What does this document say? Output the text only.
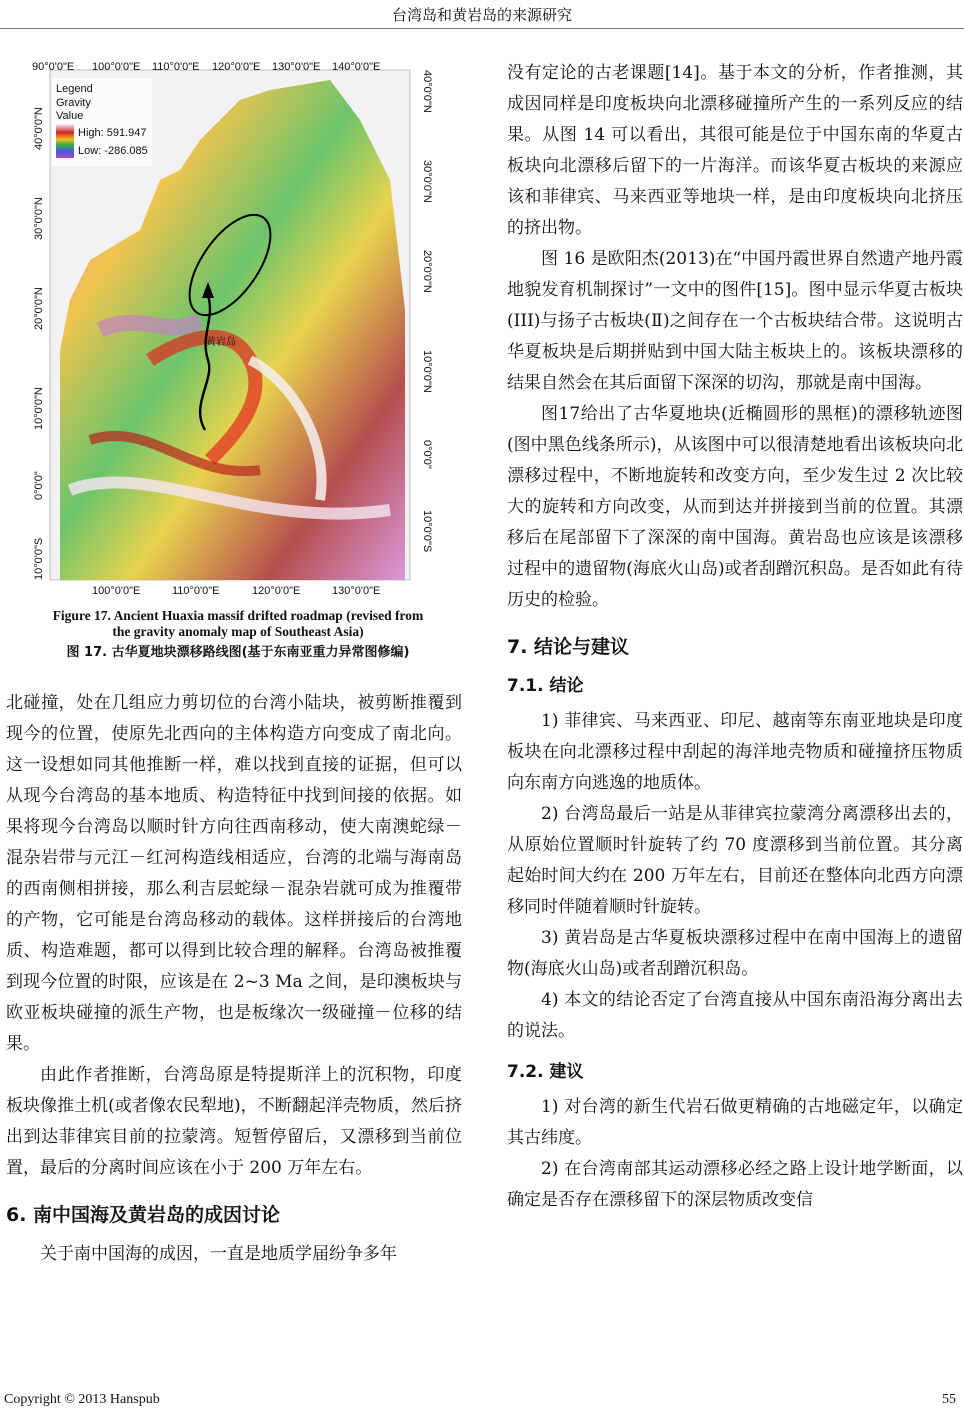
台湾岛和黄岩岛的来源研究
黄岩岛
Legend
Gravity
Value
High: 591.947
Low: -286.085
90°0'0"E 100°0'0"E 110°0'0"E 120°0'0"E 130°0'0"E 140°0'0"E
100°0'0"E	110°0'0"E	120°0'0"E	130°0'0"E
40°0'0"N
30°0'0"N
20°0'0"N
10°0'0"N
0°0'0"
10°0'0"S
40°0'0"N
30°0'0"N
20°0'0"N
10°0'0"N
0°0'0"
10°0'0"S
Figure 17. Ancient Huaxia massif drifted roadmap (revised from
the gravity anomaly map of Southeast Asia)
图 17. 古华夏地块漂移路线图(基于东南亚重力异常图修编)

北碰撞，处在几组应力剪切位的台湾小陆块，被剪断推覆到现今的位置，使原先北西向的主体构造方向变成了南北向。这一设想如同其他推断一样，难以找到直接的证据，但可以从现今台湾岛的基本地质、构造特征中找到间接的依据。如果将现今台湾岛以顺时针方向往西南移动，使大南澳蛇绿－混杂岩带与元江－红河构造线相适应，台湾的北端与海南岛的西南侧相拼接，那么利吉层蛇绿－混杂岩就可成为推覆带的产物，它可能是台湾岛移动的载体。这样拼接后的台湾地质、构造难题，都可以得到比较合理的解释。台湾岛被推覆到现今位置的时限，应该是在 2~3 Ma 之间，是印澳板块与欧亚板块碰撞的派生产物，也是板缘次一级碰撞－位移的结果。

由此作者推断，台湾岛原是特提斯洋上的沉积物，印度板块像推土机(或者像农民犁地)，不断翻起洋壳物质，然后挤出到达菲律宾目前的拉蒙湾。短暂停留后，又漂移到当前位置，最后的分离时间应该在小于 200 万年左右。

6. 南中国海及黄岩岛的成因讨论

关于南中国海的成因，一直是地质学届纷争多年

没有定论的古老课题[14]。基于本文的分析，作者推测，其成因同样是印度板块向北漂移碰撞所产生的一系列反应的结果。从图 14 可以看出，其很可能是位于中国东南的华夏古板块向北漂移后留下的一片海洋。而该华夏古板块的来源应该和菲律宾、马来西亚等地块一样，是由印度板块向北挤压的挤出物。

图 16 是欧阳杰(2013)在“中国丹霞世界自然遗产地丹霞地貌发育机制探讨”一文中的图件[15]。图中显示华夏古板块(III)与扬子古板块(Ⅱ)之间存在一个古板块结合带。这说明古华夏板块是后期拼贴到中国大陆主板块上的。该板块漂移的结果自然会在其后面留下深深的切沟，那就是南中国海。

图17给出了古华夏地块(近椭圆形的黑框)的漂移轨迹图(图中黑色线条所示)，从该图中可以很清楚地看出该板块向北漂移过程中，不断地旋转和改变方向，至少发生过 2 次比较大的旋转和方向改变，从而到达并拼接到当前的位置。其漂移后在尾部留下了深深的南中国海。黄岩岛也应该是该漂移过程中的遗留物(海底火山岛)或者刮蹭沉积岛。是否如此有待历史的检验。

7. 结论与建议
7.1. 结论

1) 菲律宾、马来西亚、印尼、越南等东南亚地块是印度板块在向北漂移过程中刮起的海洋地壳物质和碰撞挤压物质向东南方向逃逸的地质体。

2) 台湾岛最后一站是从菲律宾拉蒙湾分离漂移出去的，从原始位置顺时针旋转了约 70 度漂移到当前位置。其分离起始时间大约在 200 万年左右，目前还在整体向北西方向漂移同时伴随着顺时针旋转。

3) 黄岩岛是古华夏板块漂移过程中在南中国海上的遗留物(海底火山岛)或者刮蹭沉积岛。

4) 本文的结论否定了台湾直接从中国东南沿海分离出去的说法。

7.2. 建议

1) 对台湾的新生代岩石做更精确的古地磁定年，以确定其古纬度。

2) 在台湾南部其运动漂移必经之路上设计地学断面，以确定是否存在漂移留下的深层物质改变信

Copyright © 2013 Hanspub	55
